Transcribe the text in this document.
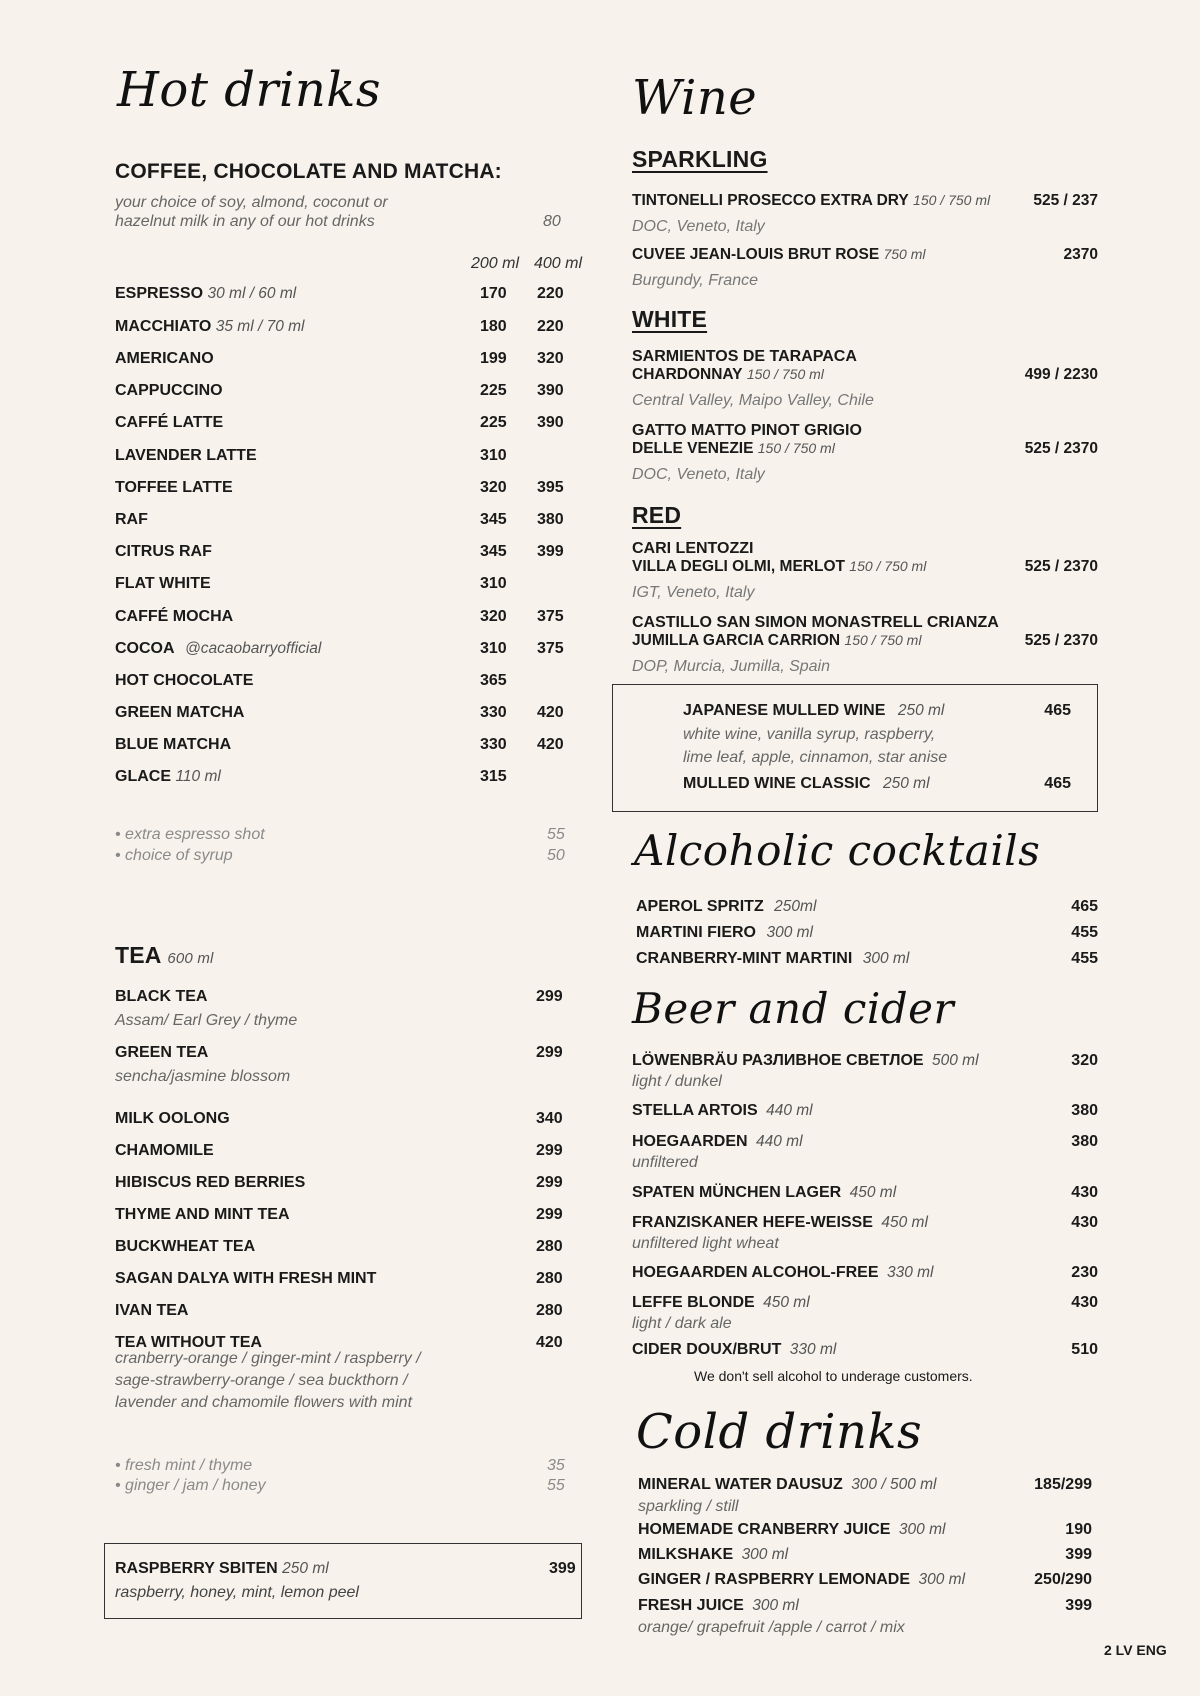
Hot drinks
COFFEE, CHOCOLATE AND MATCHA:
your choice of soy, almond, coconut or
hazelnut milk in any of our hot drinks	80
200 ml 400 ml
ESPRESSO 30 ml / 60 ml	170 220
MACCHIATO 35 ml / 70 ml	180 220
AMERICANO	199 320
CAPPUCCINO	225 390
CAFFÉ LATTE	225 390
LAVENDER LATTE	310
TOFFEE LATTE	320 395
RAF	345 380
CITRUS RAF	345 399
FLAT WHITE	310
CAFFÉ MOCHA	320 375
COCOA @cacaobarryofficial	310 375
HOT CHOCOLATE	365
GREEN MATCHA	330 420
BLUE MATCHA	330 420
GLACE 110 ml	315
• extra espresso shot	55
• choice of syrup	50
TEA 600 ml
BLACK TEA	299
Assam/ Earl Grey / thyme
GREEN TEA	299
sencha/jasmine blossom
MILK OOLONG	340
CHAMOMILE	299
HIBISCUS RED BERRIES	299
THYME AND MINT TEA	299
BUCKWHEAT TEA	280
SAGAN DALYA WITH FRESH MINT	280
IVAN TEA	280
TEA WITHOUT TEA	420
cranberry-orange / ginger-mint / raspberry /
sage-strawberry-orange / sea buckthorn /
lavender and chamomile flowers with mint
• fresh mint / thyme	35
• ginger / jam / honey	55
RASPBERRY SBITEN 250 ml	399
raspberry, honey, mint, lemon peel
Wine
SPARKLING
TINTONELLI PROSECCO EXTRA DRY 150 / 750 ml	525 / 237
DOC, Veneto, Italy
CUVEE JEAN-LOUIS BRUT ROSE 750 ml	2370
Burgundy, France
WHITE
SARMIENTOS DE TARAPACA
CHARDONNAY 150 / 750 ml	499 / 2230
Central Valley, Maipo Valley, Chile
GATTO MATTO PINOT GRIGIO
DELLE VENEZIE 150 / 750 ml	525 / 2370
DOC, Veneto, Italy
RED
CARI LENTOZZI
VILLA DEGLI OLMI, MERLOT 150 / 750 ml	525 / 2370
IGT, Veneto, Italy
CASTILLO SAN SIMON MONASTRELL CRIANZA
JUMILLA GARCIA CARRION 150 / 750 ml	525 / 2370
DOP, Murcia, Jumilla, Spain
JAPANESE MULLED WINE 250 ml	465
white wine, vanilla syrup, raspberry,
lime leaf, apple, cinnamon, star anise
MULLED WINE CLASSIC 250 ml	465
Alcoholic cocktails
APEROL SPRITZ 250ml	465
MARTINI FIERO 300 ml	455
CRANBERRY-MINT MARTINI 300 ml	455
Beer and cider
LÖWENBRÄU РАЗЛИВНОЕ СВЕТЛОЕ 500 ml	320
light / dunkel
STELLA ARTOIS 440 ml	380
HOEGAARDEN 440 ml	380
unfiltered
SPATEN MÜNCHEN LAGER 450 ml	430
FRANZISKANER HEFE-WEISSE 450 ml	430
unfiltered light wheat
HOEGAARDEN ALCOHOL-FREE 330 ml	230
LEFFE BLONDE 450 ml	430
light / dark ale
CIDER DOUX/BRUT 330 ml	510
We don't sell alcohol to underage customers.
Cold drinks
MINERAL WATER DAUSUZ 300 / 500 ml	185/299
sparkling / still
HOMEMADE CRANBERRY JUICE 300 ml	190
MILKSHAKE 300 ml	399
GINGER / RASPBERRY LEMONADE 300 ml	250/290
FRESH JUICE 300 ml	399
orange/ grapefruit /apple / carrot / mix
2 LV ENG
